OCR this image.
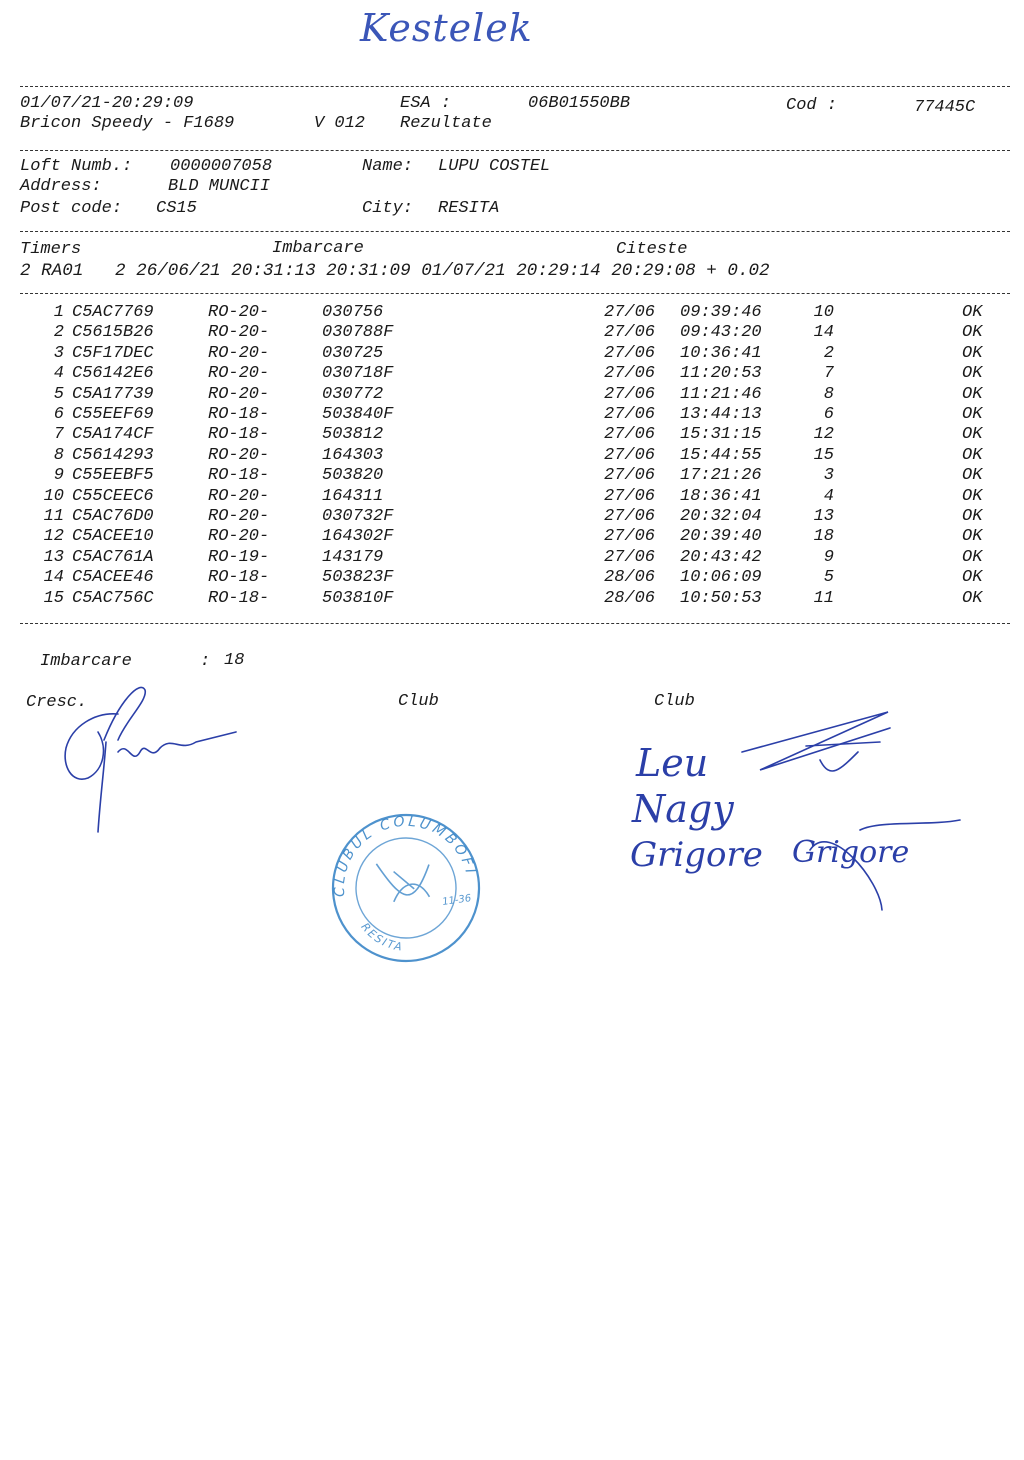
Kestelek
01/07/21-20:29:09	ESA :	06B01550BB	Cod :	77445C
Bricon Speedy - F1689	V 012 Rezultate
Loft Numb.: 0000007058	Name: LUPU COSTEL
Address:	BLD MUNCII
Post code: CS15	City: RESITA
Timers	Imbarcare	Citeste
2 RA01   2 26/06/21 20:31:13 20:31:09 01/07/21 20:29:14 20:29:08 + 0.02
1 C5AC7769	RO-20-	030756	27/06 09:39:46	10	OK
2 C5615B26	RO-20-	030788F	27/06 09:43:20	14	OK
3 C5F17DEC	RO-20-	030725	27/06 10:36:41	2	OK
4 C56142E6	RO-20-	030718F	27/06 11:20:53	7	OK
5 C5A17739	RO-20-	030772	27/06 11:21:46	8	OK
6 C55EEF69	RO-18-	503840F	27/06 13:44:13	6	OK
7 C5A174CF	RO-18-	503812	27/06 15:31:15	12	OK
8 C5614293	RO-20-	164303	27/06 15:44:55	15	OK
9 C55EEBF5	RO-18-	503820	27/06 17:21:26	3	OK
10 C55CEEC6	RO-20-	164311	27/06 18:36:41	4	OK
11 C5AC76D0	RO-20-	030732F	27/06 20:32:04	13	OK
12 C5ACEE10	RO-20-	164302F	27/06 20:39:40	18	OK
13 C5AC761A	RO-19-	143179	27/06 20:43:42	9	OK
14 C5ACEE46	RO-18-	503823F	28/06 10:06:09	5	OK
15 C5AC756C	RO-18-	503810F	28/06 10:50:53	11	OK
Imbarcare	: 18
Cresc.	Club	Club
Leu
Nagy
Grigore Grigore
CLUBUL COLUMBOFIL
RESITA
11-36
